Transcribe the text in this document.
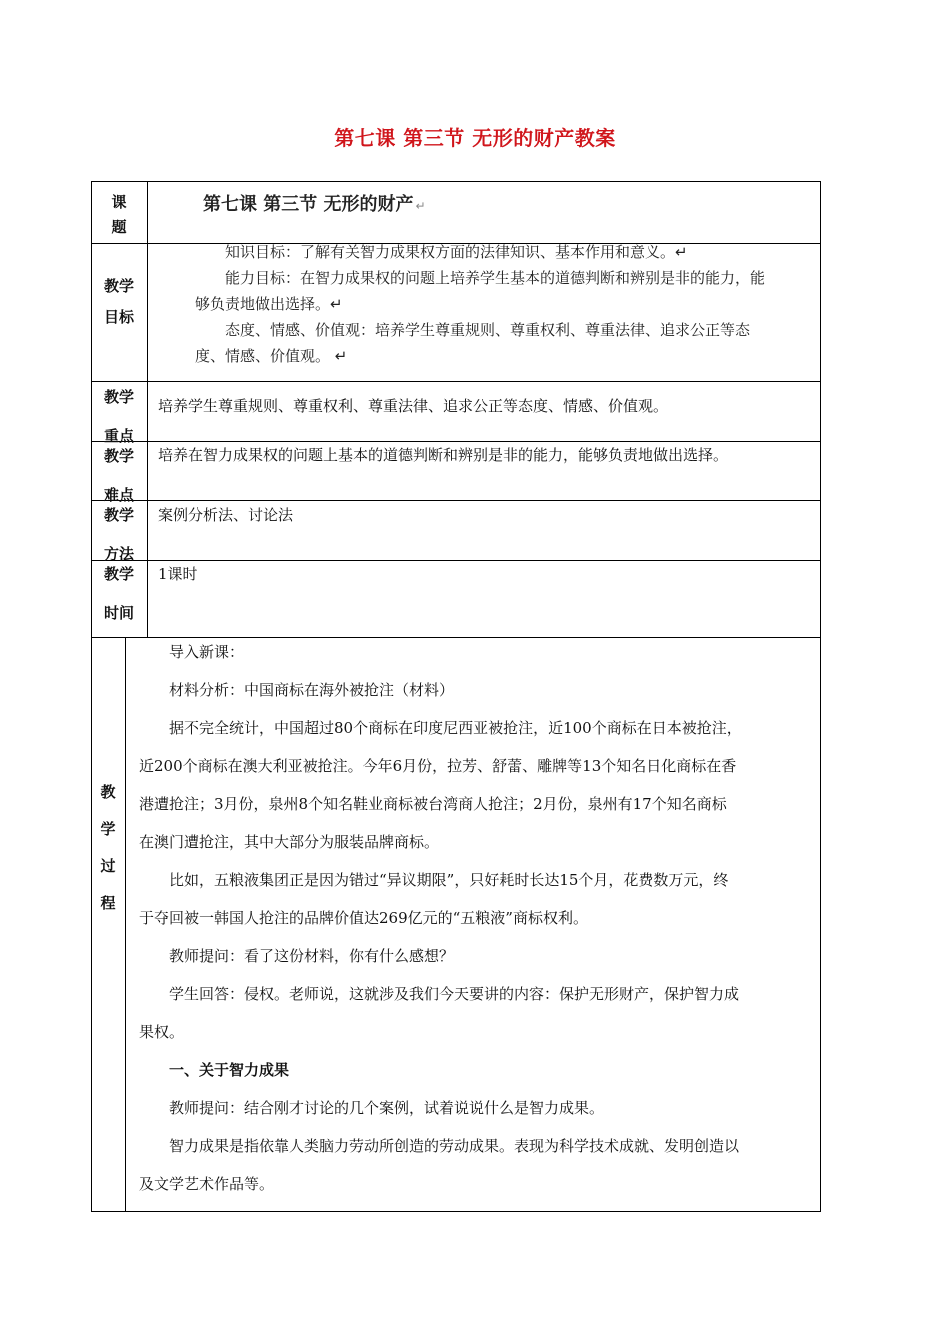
第七课 第三节 无形的财产教案
课
题
第七课 第三节 无形的财产 ↵
教学
目标

知识目标：了解有关智力成果权方面的法律知识、基本作用和意义。↵

能力目标：在智力成果权的问题上培养学生基本的道德判断和辨别是非的能力，能

够负责地做出选择。↵

态度、情感、价值观：培养学生尊重规则、尊重权利、尊重法律、追求公正等态

度、情感、价值观。 ↵

教学
重点
培养学生尊重规则、尊重权利、尊重法律、追求公正等态度、情感、价值观。
教学
难点
培养在智力成果权的问题上基本的道德判断和辨别是非的能力，能够负责地做出选择。
教学
方法
案例分析法、讨论法
教学
时间
1课时
教
学
过
程

导入新课：

材料分析：中国商标在海外被抢注（材料）

据不完全统计，中国超过80个商标在印度尼西亚被抢注，近100个商标在日本被抢注，

近200个商标在澳大利亚被抢注。今年6月份，拉芳、舒蕾、雕牌等13个知名日化商标在香

港遭抢注；3月份，泉州8个知名鞋业商标被台湾商人抢注；2月份，泉州有17个知名商标

在澳门遭抢注，其中大部分为服装品牌商标。

比如，五粮液集团正是因为错过“异议期限”，只好耗时长达15个月，花费数万元，终

于夺回被一韩国人抢注的品牌价值达269亿元的“五粮液”商标权利。

教师提问：看了这份材料，你有什么感想？

学生回答：侵权。老师说，这就涉及我们今天要讲的内容：保护无形财产，保护智力成

果权。

一、关于智力成果

教师提问：结合刚才讨论的几个案例，试着说说什么是智力成果。

智力成果是指依靠人类脑力劳动所创造的劳动成果。表现为科学技术成就、发明创造以

及文学艺术作品等。
